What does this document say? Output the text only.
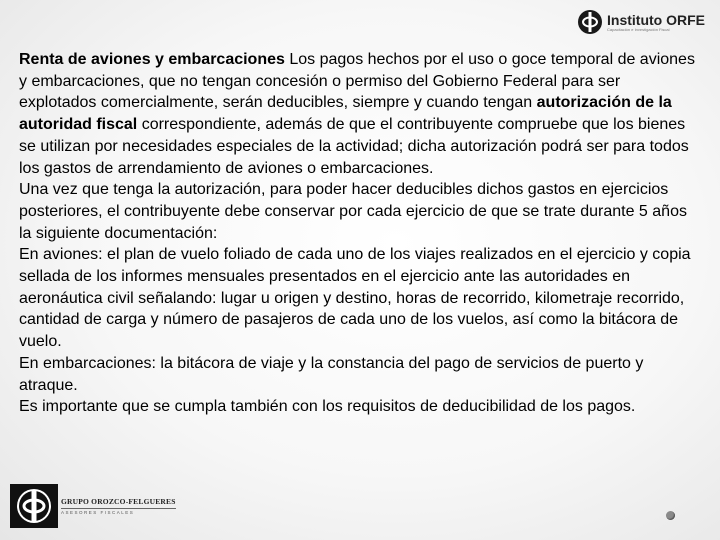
Instituto ORFE
Capacitación e Investigación Fiscal

Renta de aviones y embarcaciones Los pagos hechos por el uso o goce temporal de aviones y embarcaciones, que no tengan concesión o permiso del Gobierno Federal para ser explotados comercialmente, serán deducibles, siempre y cuando tengan autorización de la autoridad fiscal correspondiente, además de que el contribuyente compruebe que los bienes se utilizan por necesidades especiales de la actividad; dicha autorización podrá ser para todos los gastos de arrendamiento de aviones o embarcaciones.

Una vez que tenga la autorización, para poder hacer deducibles dichos gastos en ejercicios posteriores, el contribuyente debe conservar por cada ejercicio de que se trate durante 5 años la siguiente documentación:

En aviones: el plan de vuelo foliado de cada uno de los viajes realizados en el ejercicio y copia sellada de los informes mensuales presentados en el ejercicio ante las autoridades en aeronáutica civil señalando: lugar u origen y destino, horas de recorrido, kilometraje recorrido, cantidad de carga y número de pasajeros de cada uno de los vuelos, así como la bitácora de vuelo.

En embarcaciones: la bitácora de viaje y la constancia del pago de servicios de puerto y atraque.

Es importante que se cumpla también con los requisitos de deducibilidad de los pagos.

GRUPO OROZCO-FELGUERES
ASESORES FISCALES
